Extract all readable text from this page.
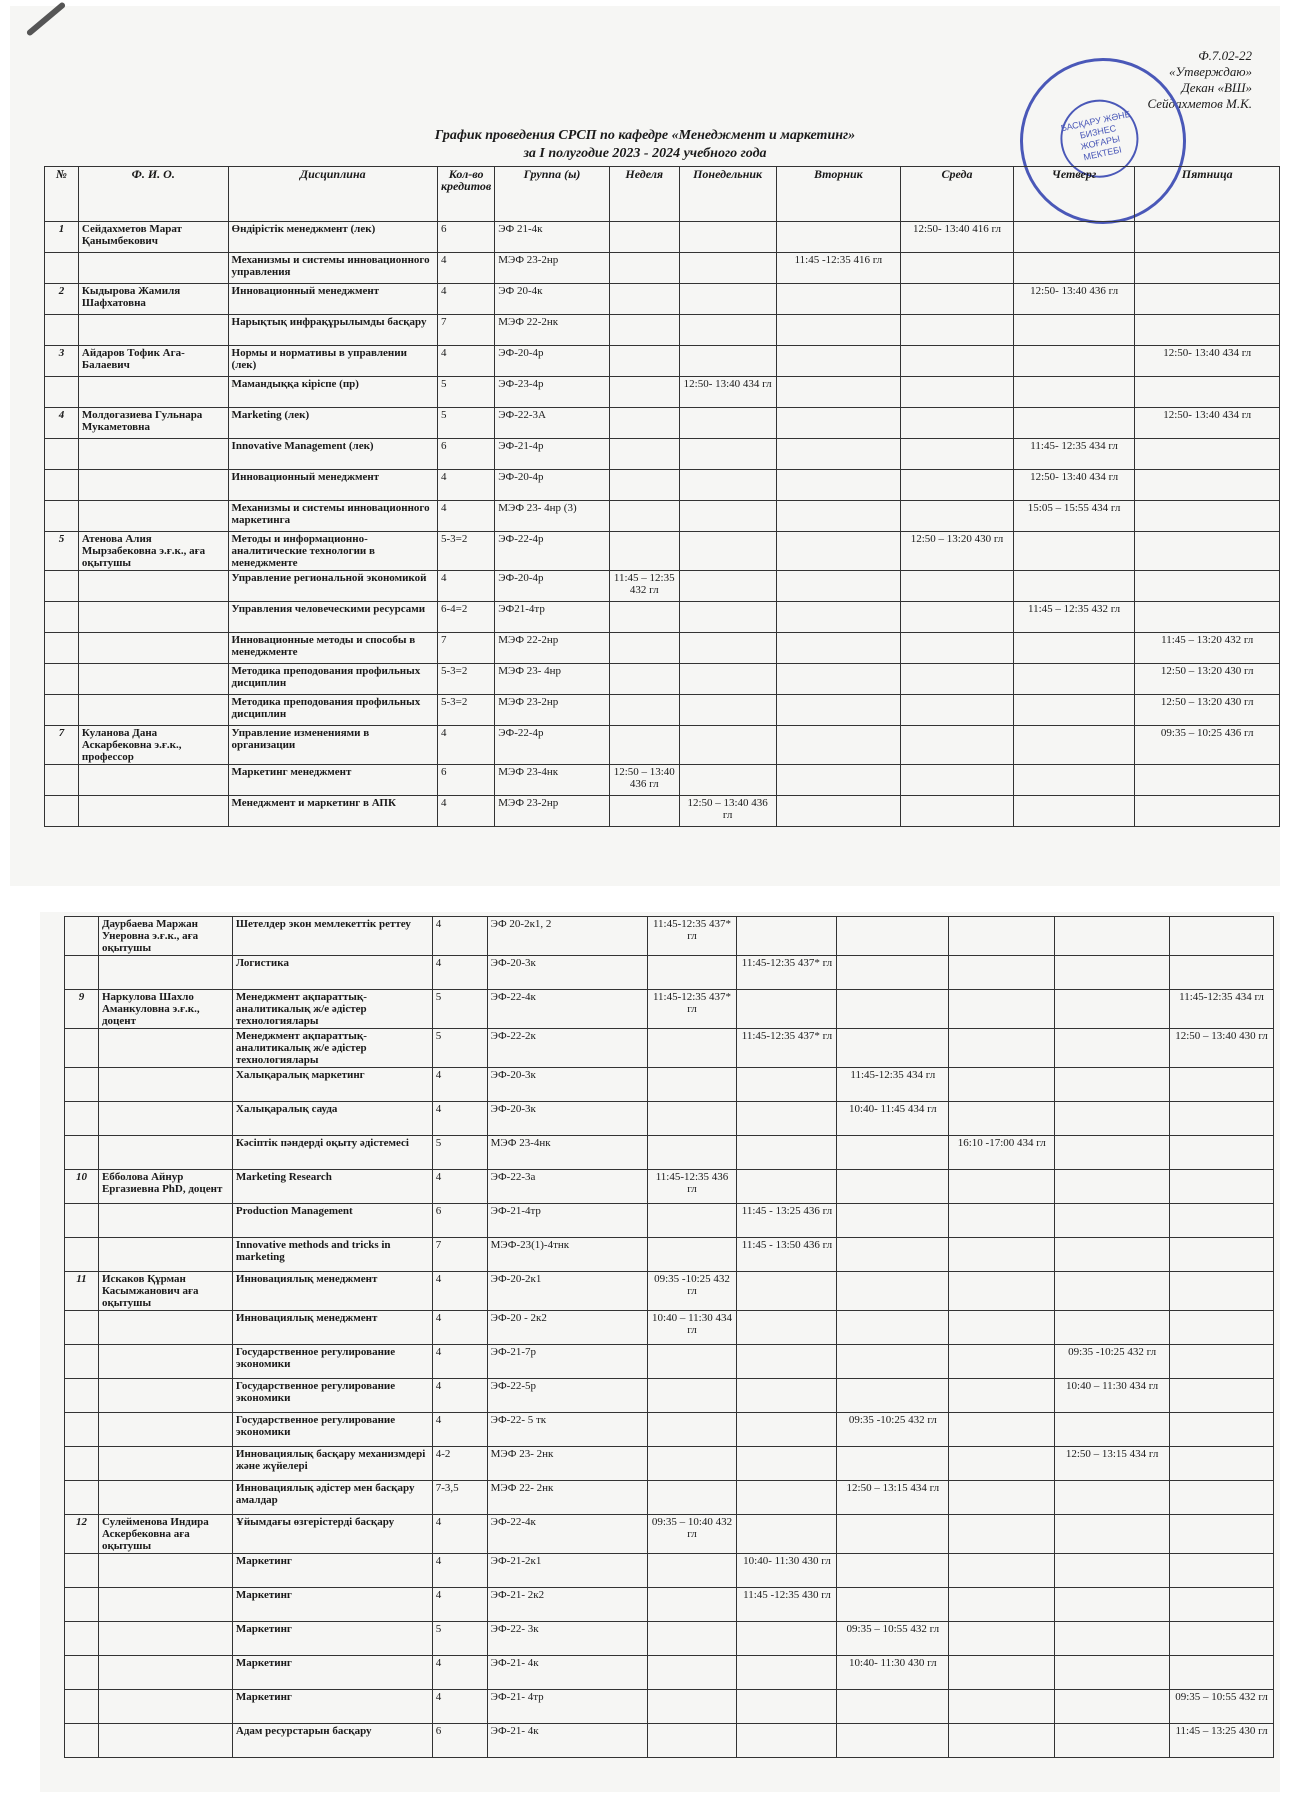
Ф.7.02-22
«Утверждаю»
Декан «ВШ»
Сейдахметов М.К.
БАСҚАРУ ЖӘНЕ БИЗНЕС ЖОҒАРЫ МЕКТЕБІ
График проведения СРСП по кафедре «Менеджмент и маркетинг»
за I полугодие 2023 - 2024 учебного года
№	Ф. И. О.	Дисциплина	Кол-во кредитов	Группа (ы)	Неделя	Понедельник	Вторник	Среда	Четверг	Пятница
1	Сейдахметов Марат Қанымбекович	Өндірістік менеджмент (лек)	6	ЭФ 21-4к				12:50- 13:40 416 гл		
		Механизмы и системы инновационного управления	4	МЭФ 23-2нр			11:45 -12:35 416 гл			
2	Кыдырова Жамиля Шафхатовна	Инновационный менеджмент	4	ЭФ 20-4к					12:50- 13:40 436 гл	
		Нарықтық инфрақұрылымды басқару	7	МЭФ 22-2нк						
3	Айдаров Тофик Ага-Балаевич	Нормы и нормативы в управлении (лек)	4	ЭФ-20-4р						12:50- 13:40 434 гл
		Мамандыққа кіріспе (пр)	5	ЭФ-23-4р		12:50- 13:40 434 гл				
4	Молдогазиева Гульнара Мукаметовна	Marketing (лек)	5	ЭФ-22-3А						12:50- 13:40 434 гл
		Innovative Management (лек)	6	ЭФ-21-4р					11:45- 12:35 434 гл	
		Инновационный менеджмент	4	ЭФ-20-4р					12:50- 13:40 434 гл	
		Механизмы и системы инновационного маркетинга	4	МЭФ 23- 4нр (3)					15:05 – 15:55 434 гл	
5	Атенова Алия Мырзабековна э.ғ.к., аға оқытушы	Методы и информационно-аналитические технологии в менеджменте	5-3=2	ЭФ-22-4р				12:50 – 13:20 430 гл		
		Управление региональной экономикой	4	ЭФ-20-4р	11:45 – 12:35 432 гл					
		Управления человеческими ресурсами	6-4=2	ЭФ21-4тр					11:45 – 12:35 432 гл	
		Инновационные методы и способы в менеджменте	7	МЭФ 22-2нр						11:45 – 13:20 432 гл
		Методика преподования профильных дисциплин	5-3=2	МЭФ 23- 4нр						12:50 – 13:20 430 гл
		Методика преподования профильных дисциплин	5-3=2	МЭФ 23-2нр						12:50 – 13:20 430 гл
7	Куланова Дана Аскарбековна э.ғ.к., профессор	Управление изменениями в организации	4	ЭФ-22-4р						09:35 – 10:25 436 гл
		Маркетинг менеджмент	6	МЭФ 23-4нк	12:50 – 13:40 436 гл					
		Менеджмент и маркетинг в АПК	4	МЭФ 23-2нр		12:50 – 13:40 436 гл				
	Даурбаева Маржан Унеровна э.ғ.к., аға оқытушы	Шетелдер экон мемлекеттік реттеу	4	ЭФ 20-2к1, 2	11:45-12:35 437* гл					
		Логистика	4	ЭФ-20-3к		11:45-12:35 437* гл				
9	Наркулова Шахло Аманкуловна э.ғ.к., доцент	Менеджмент ақпараттық-аналитикалық ж/е әдістер технологиялары	5	ЭФ-22-4к	11:45-12:35 437* гл					11:45-12:35 434 гл
		Менеджмент ақпараттық-аналитикалық ж/е әдістер технологиялары	5	ЭФ-22-2к		11:45-12:35 437* гл				12:50 – 13:40 430 гл
		Халықаралық маркетинг	4	ЭФ-20-3к			11:45-12:35 434 гл			
		Халықаралық сауда	4	ЭФ-20-3к			10:40- 11:45 434 гл			
		Кәсіптік пәндерді оқыту әдістемесі	5	МЭФ 23-4нк				16:10 -17:00 434 гл		
10	Ебболова Айнур Ергазиевна PhD, доцент	Marketing Research	4	ЭФ-22-3а	11:45-12:35 436 гл					
		Production Management	6	ЭФ-21-4тр		11:45 - 13:25 436 гл				
		Innovative methods and tricks in marketing	7	МЭФ-23(1)-4тнк		11:45 - 13:50 436 гл				
11	Искаков Құрман Касымжанович аға оқытушы	Инновациялық менеджмент	4	ЭФ-20-2к1	09:35 -10:25 432 гл					
		Инновациялық менеджмент	4	ЭФ-20 - 2к2	10:40 – 11:30 434 гл					
		Государственное регулирование экономики	4	ЭФ-21-7р					09:35 -10:25 432 гл	
		Государственное регулирование экономики	4	ЭФ-22-5р					10:40 – 11:30 434 гл	
		Государственное регулирование экономики	4	ЭФ-22- 5 тк			09:35 -10:25 432 гл			
		Инновациялық басқару механизмдері және жүйелері	4-2	МЭФ 23- 2нк					12:50 – 13:15 434 гл	
		Инновациялық әдістер мен басқару амалдар	7-3,5	МЭФ 22- 2нк			12:50 – 13:15 434 гл			
12	Сулейменова Индира Аскербековна аға оқытушы	Ұйымдағы өзгерістерді басқару	4	ЭФ-22-4к	09:35 – 10:40 432 гл					
		Маркетинг	4	ЭФ-21-2к1		10:40- 11:30 430 гл				
		Маркетинг	4	ЭФ-21- 2к2		11:45 -12:35 430 гл				
		Маркетинг	5	ЭФ-22- 3к			09:35 – 10:55 432 гл			
		Маркетинг	4	ЭФ-21- 4к			10:40- 11:30 430 гл			
		Маркетинг	4	ЭФ-21- 4тр						09:35 – 10:55 432 гл
		Адам ресурстарын басқару	6	ЭФ-21- 4к						11:45 – 13:25 430 гл
